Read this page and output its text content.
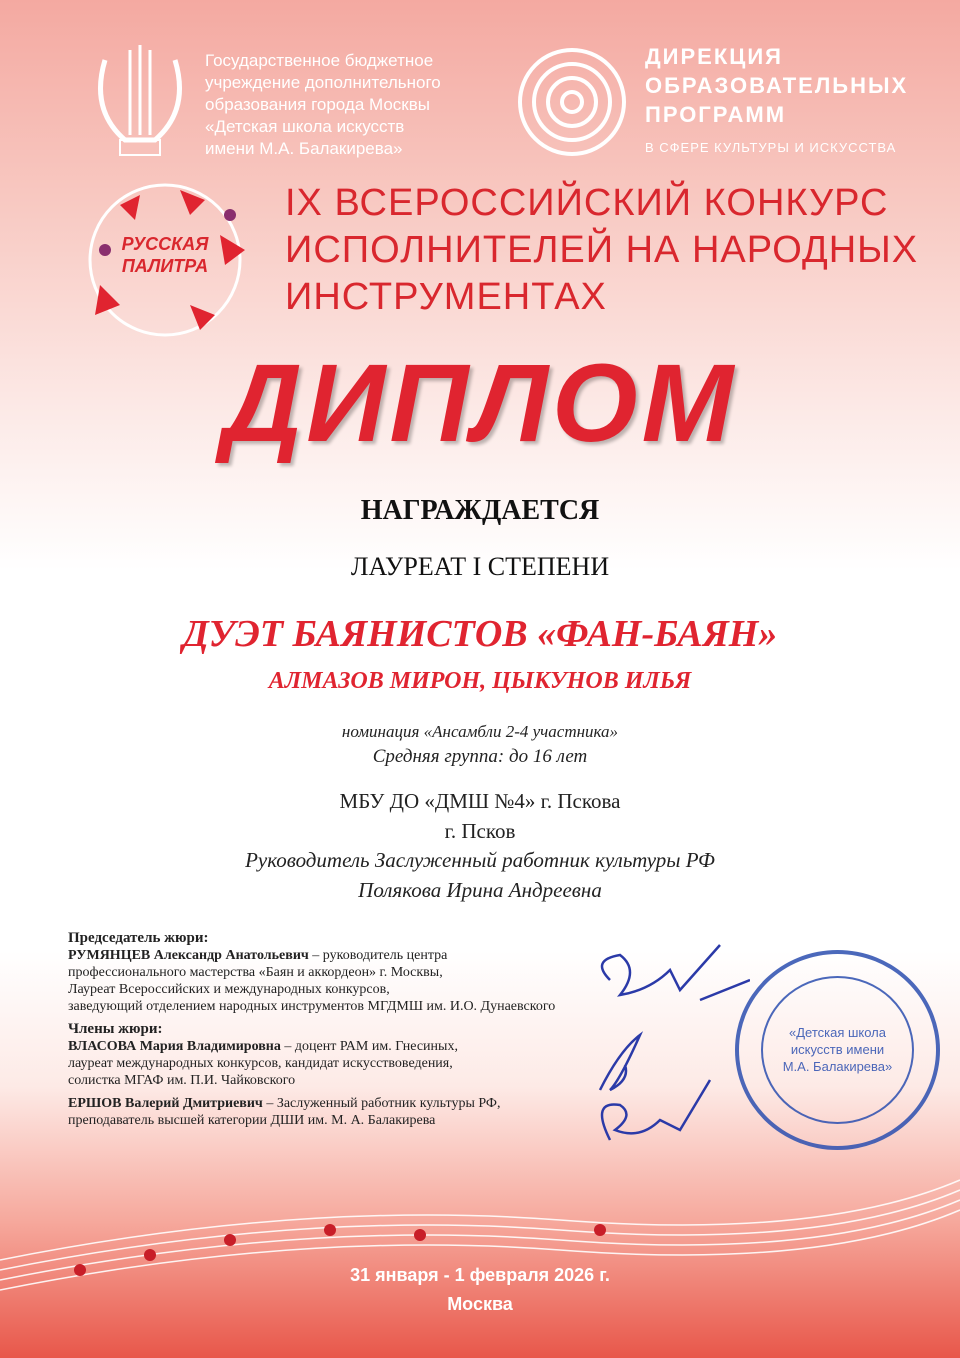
Государственное бюджетное
учреждение дополнительного
образования города Москвы
«Детская школа искусств
имени М.А. Балакирева»
ДИРЕКЦИЯ
ОБРАЗОВАТЕЛЬНЫХ
ПРОГРАММ
В СФЕРЕ КУЛЬТУРЫ И ИСКУССТВА
РУССКАЯ
ПАЛИТРА
IX ВСЕРОССИЙСКИЙ КОНКУРС
ИСПОЛНИТЕЛЕЙ НА НАРОДНЫХ
ИНСТРУМЕНТАХ
ДИПЛОМ
НАГРАЖДАЕТСЯ
ЛАУРЕАТ I СТЕПЕНИ
ДУЭТ БАЯНИСТОВ «ФАН-БАЯН»
АЛМАЗОВ МИРОН, ЦЫКУНОВ ИЛЬЯ
номинация «Ансамбли 2-4 участника»
Средняя группа: до 16 лет
МБУ ДО «ДМШ №4» г. Пскова
г. Псков
Руководитель Заслуженный работник культуры РФ
Полякова Ирина Андреевна
Председатель жюри:

РУМЯНЦЕВ Александр Анатольевич – руководитель центра
профессионального мастерства «Баян и аккордеон» г. Москвы,
Лауреат Всероссийских и международных конкурсов,
заведующий отделением народных инструментов МГДМШ им. И.О. Дунаевского

Члены жюри:

ВЛАСОВА Мария Владимировна – доцент РАМ им. Гнесиных,
лауреат международных конкурсов, кандидат искусствоведения,
солистка МГАФ им. П.И. Чайковского

ЕРШОВ Валерий Дмитриевич – Заслуженный работник культуры РФ,
преподаватель высшей категории ДШИ им. М. А. Балакирева

«Детская школа
искусств имени
М.А. Балакирева»
31 января - 1 февраля 2026 г.
Москва
